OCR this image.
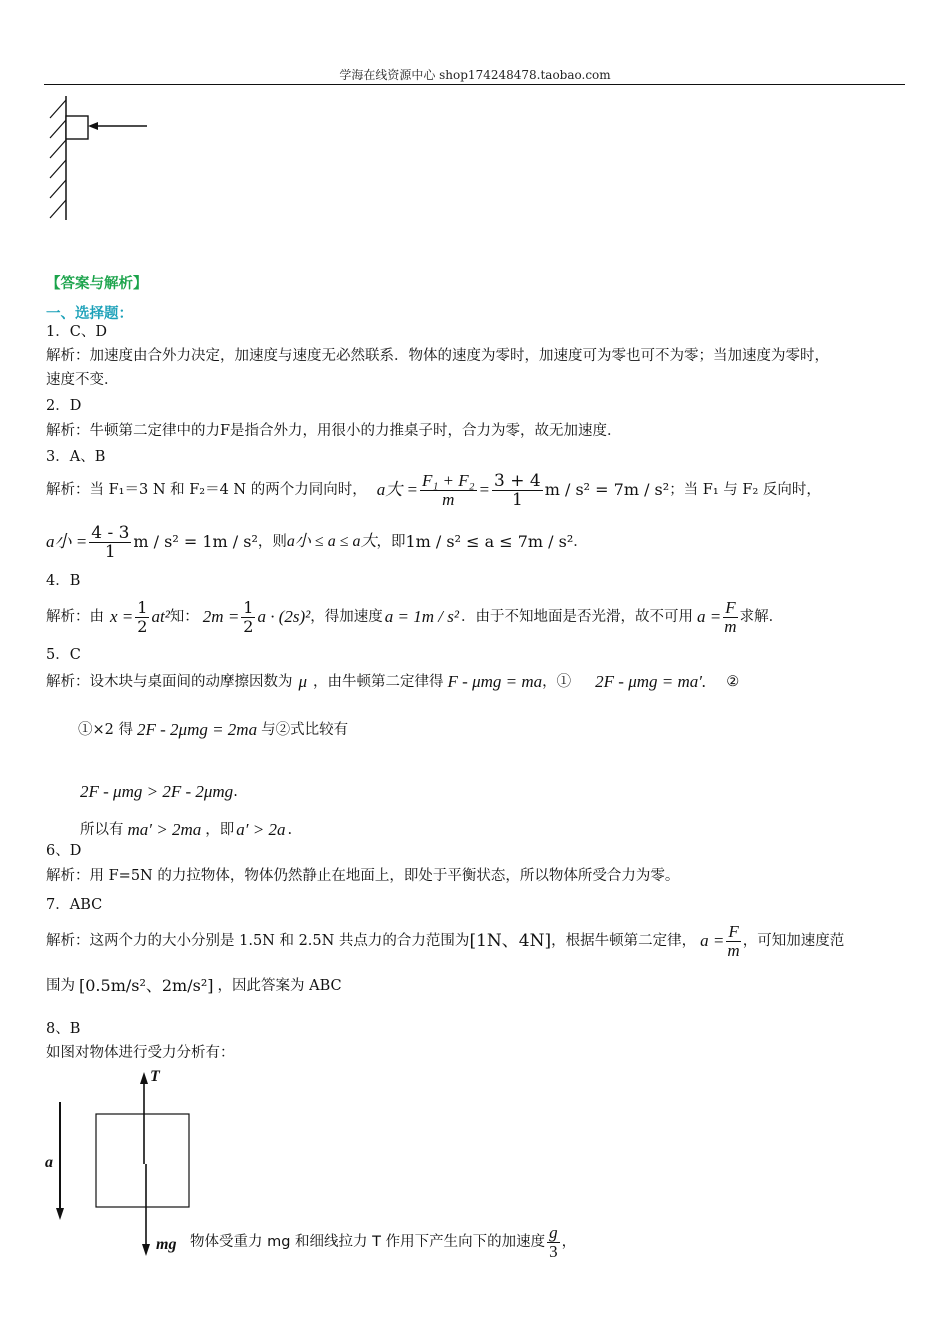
学海在线资源中心 shop174248478.taobao.com
【答案与解析】
一、选择题：
1．C、D
解析：加速度由合外力决定，加速度与速度无必然联系．物体的速度为零时，加速度可为零也可不为零；当加速度为零时，
速度不变．
2．D
解析：牛顿第二定律中的力F是指合外力，用很小的力推桌子时，合力为零，故无加速度．
3．A、B
解析：当 F₁＝3 N 和 F₂＝4 N 的两个力同向时， a大 = $\frac{\text{F₁ + F₂}}{m} = \frac{3 + 4}{1}$ m / s² = 7m / s² ；当 F₁ 与 F₂ 反向时，
a小 = $\frac{4 - 3}{1}$ m / s² = 1m / s² ，则 a小 ≤ a ≤ a大 ，即 1m / s² ≤ a ≤ 7m / s² ．
4．B
解析：由 $x = \frac{1}{2} at^2$ 知： $2m = \frac{1}{2}$ a · (2s)² ，得加速度 a = 1m / s² ．由于不知地面是否光滑，故不可用 $a = \frac{F}{m}$ 求解．
5．C
解析：设木块与桌面间的动摩擦因数为 μ ，由牛顿第二定律得 F - μmg = ma ，① 2F - μmg = ma′. ②
①×2 得 2F - 2μmg = 2ma 与②式比较有
2F - μmg > 2F - 2μmg .
所以有 ma′ > 2ma ，即 a′ > 2a .
6、D
解析：用 F=5N 的力拉物体，物体仍然静止在地面上，即处于平衡状态，所以物体所受合力为零。
7．ABC
解析：这两个力的大小分别是 1.5N 和 2.5N 共点力的合力范围为 [1N、4N] ，根据牛顿第二定律， $a = \frac{F}{m}$ ，可知加速度范
围为 [0.5m/s²、2m/s²] ，因此答案为 ABC
8、B
如图对物体进行受力分析有：
T
a
mg 物体受重力 mg 和细线拉力 T 作用下产生向下的加速度 $\frac{g}{3}$ ，
